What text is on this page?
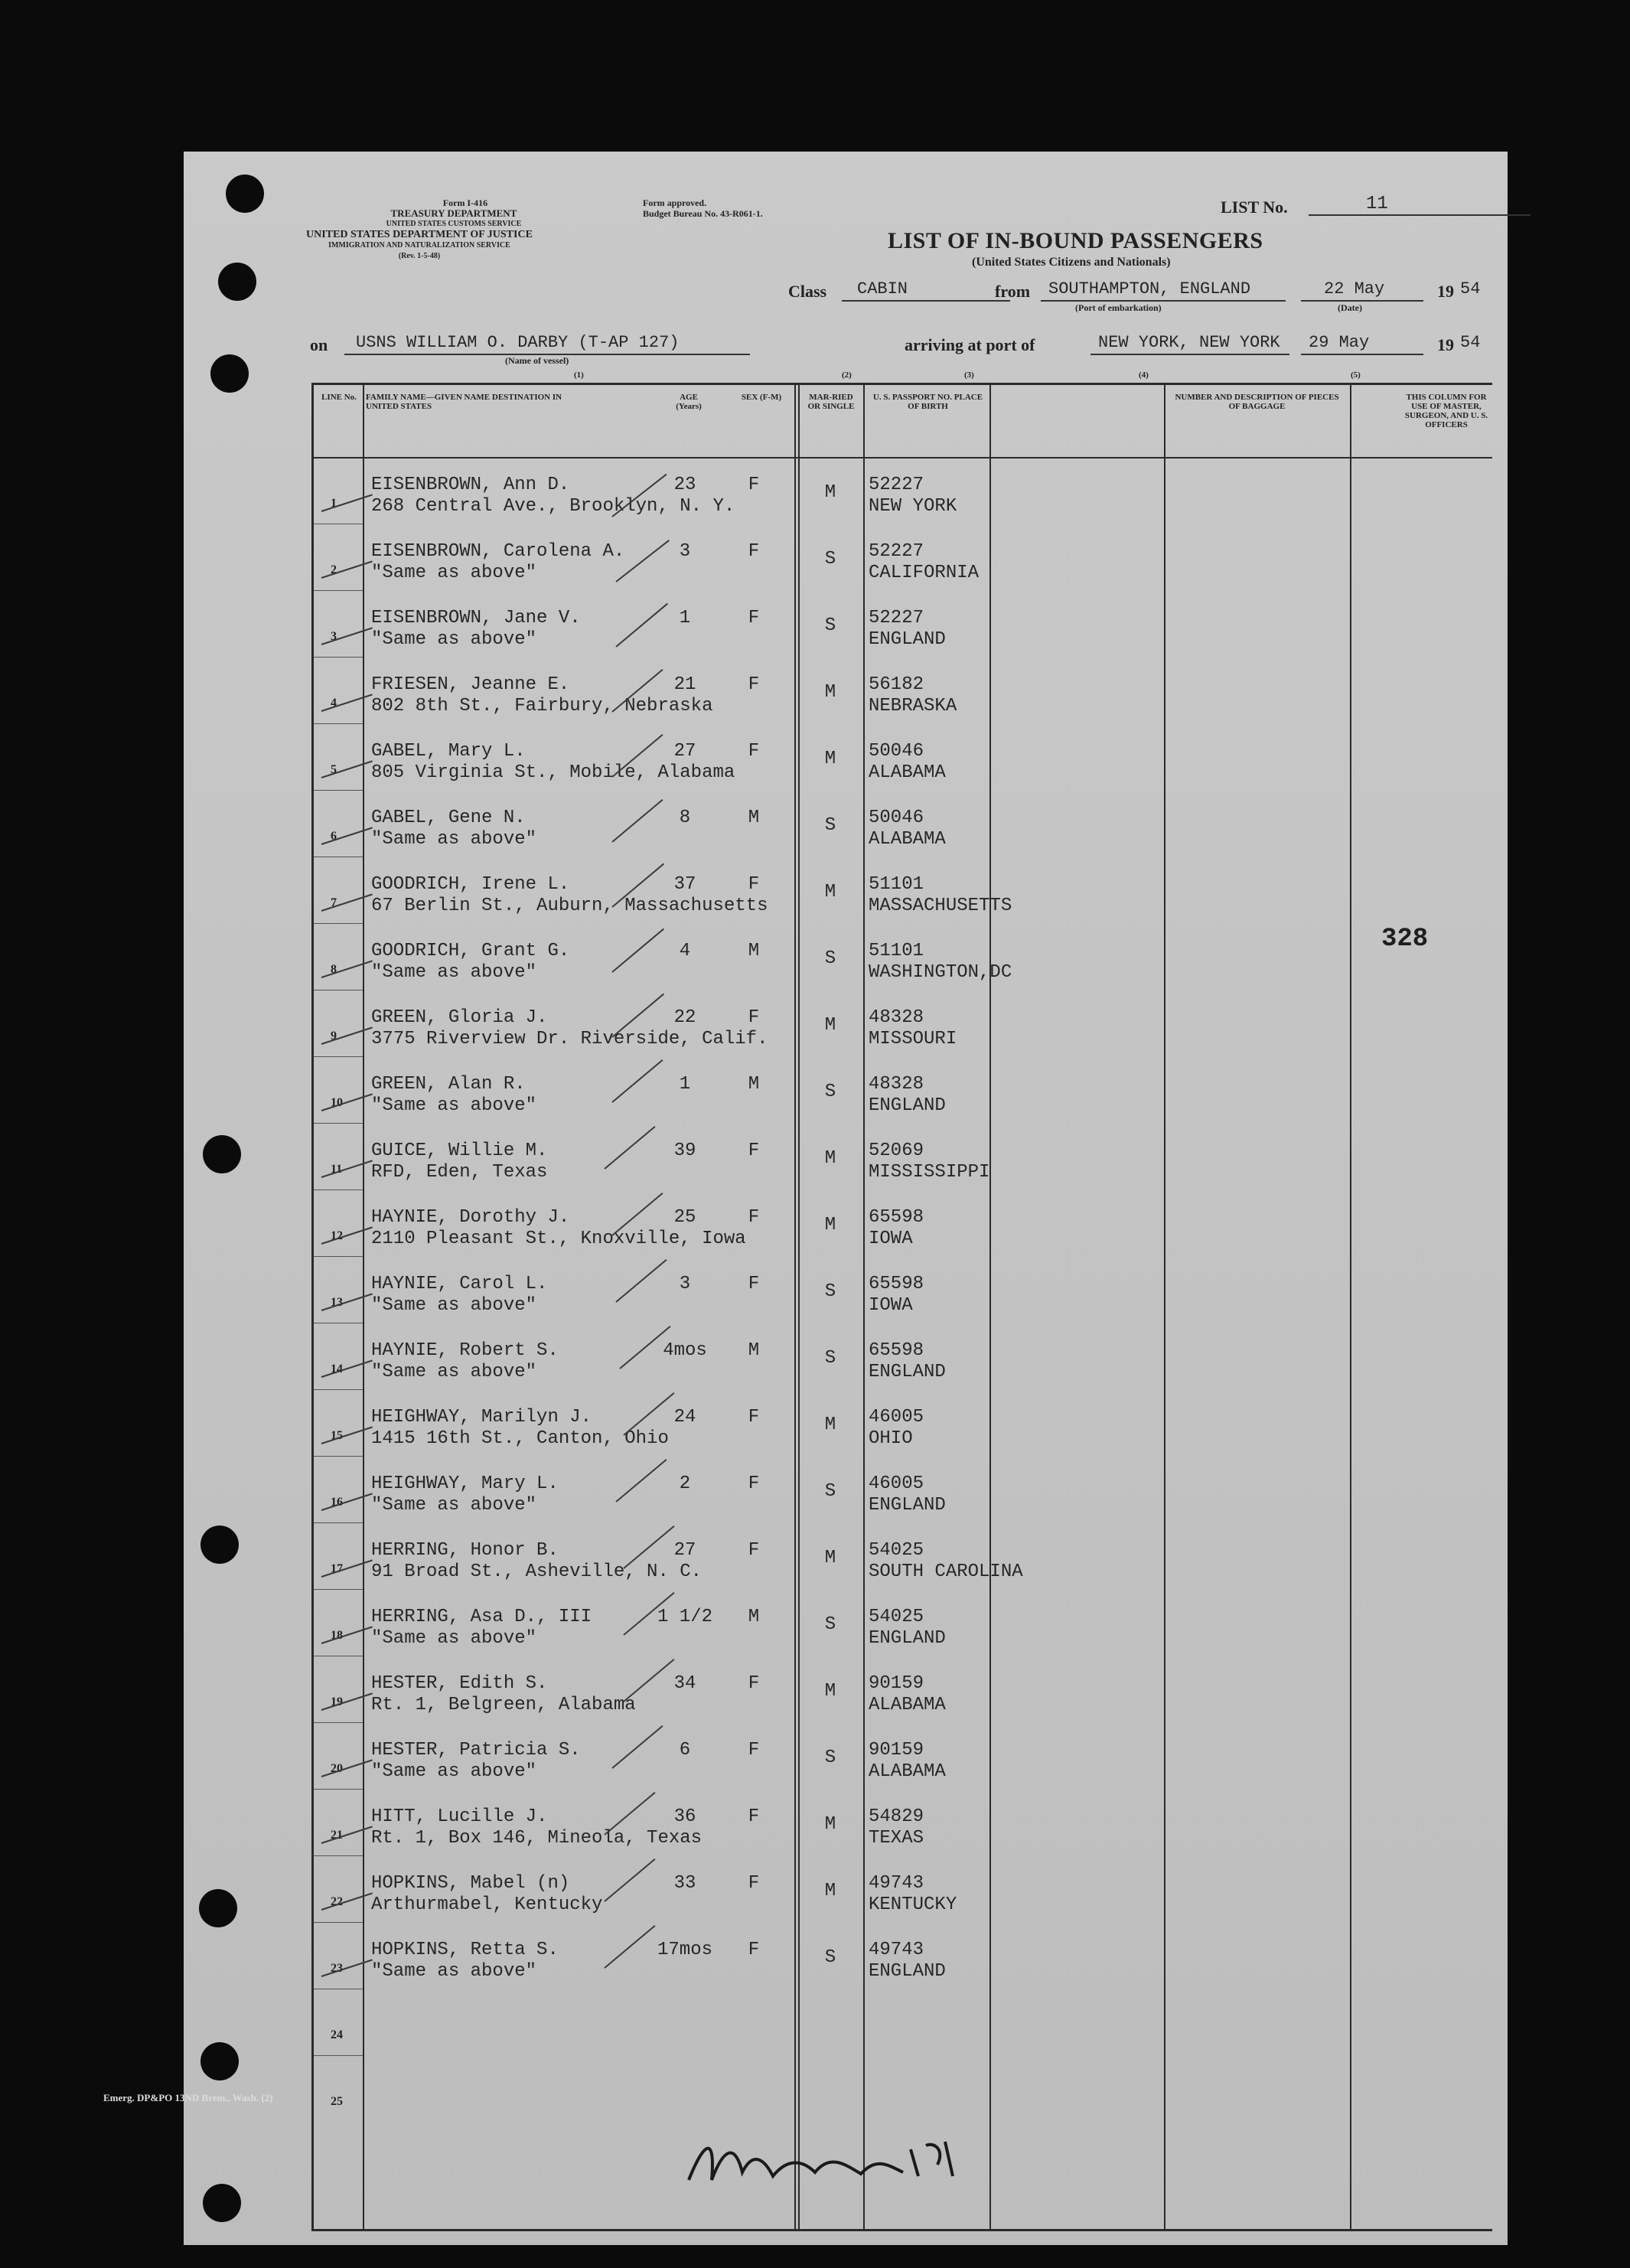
Form I-416
TREASURY DEPARTMENT
UNITED STATES CUSTOMS SERVICE
UNITED STATES DEPARTMENT OF JUSTICE
IMMIGRATION AND NATURALIZATION SERVICE
(Rev. 1-5-48)
Form approved.
Budget Bureau No. 43-R061-1.	LIST No.	11
LIST OF IN-BOUND PASSENGERS
(United States Citizens and Nationals)
Class CABIN	from SOUTHAMPTON, ENGLAND
(Port of embarkation)
22 May
(Date)
19 54
on USNS WILLIAM O. DARBY (T-AP 127)
(Name of vessel)
arriving at port of	NEW YORK, NEW YORK 29 May	19 54
(1)	(2)	(3)	(4)	(5)
LINE No.	FAMILY NAME—GIVEN NAME DESTINATION IN UNITED STATES
AGE (Years)
SEX (F-M)	MAR-RIED OR SINGLE
U. S. PASSPORT NO. PLACE OF BIRTH
NUMBER AND DESCRIPTION OF PIECES OF BAGGAGE
THIS COLUMN FOR USE OF MASTER, SURGEON, AND U. S. OFFICERS
1
EISENBROWN, Ann D.
268 Central Ave., Brooklyn, N. Y.
23	F	M	52227
NEW YORK
2
EISENBROWN, Carolena A.
"Same as above"
3	F	S	52227
CALIFORNIA
3
EISENBROWN, Jane V.
"Same as above"
1	F	S	52227
ENGLAND
4
FRIESEN, Jeanne E.
802 8th St., Fairbury, Nebraska
21	F	M	56182
NEBRASKA
5
GABEL, Mary L.
805 Virginia St., Mobile, Alabama
27	F	M	50046
ALABAMA
6
GABEL, Gene N.
"Same as above"
8	M	S	50046
ALABAMA
7
GOODRICH, Irene L.
67 Berlin St., Auburn, Massachusetts
37	F	M	51101
MASSACHUSETTS
8
GOODRICH, Grant G.
"Same as above"
4	M	S	51101
WASHINGTON,DC
9
GREEN, Gloria J.
3775 Riverview Dr. Riverside, Calif.
22	F	M	48328
MISSOURI
10
GREEN, Alan R.
"Same as above"
1	M	S	48328
ENGLAND
11
GUICE, Willie M.
RFD, Eden, Texas
39	F	M	52069
MISSISSIPPI
12
HAYNIE, Dorothy J.
2110 Pleasant St., Knoxville, Iowa
25	F	M	65598
IOWA
13
HAYNIE, Carol L.
"Same as above"
3	F	S	65598
IOWA
14
HAYNIE, Robert S.
"Same as above"
4mos	M	S	65598
ENGLAND
15
HEIGHWAY, Marilyn J.
1415 16th St., Canton, Ohio
24	F	M	46005
OHIO
16
HEIGHWAY, Mary L.
"Same as above"
2	F	S	46005
ENGLAND
17
HERRING, Honor B.
91 Broad St., Asheville, N. C.
27	F	M	54025
SOUTH CAROLINA
18
HERRING, Asa D., III
"Same as above"
1 1/2	M	S	54025
ENGLAND
19
HESTER, Edith S.
Rt. 1, Belgreen, Alabama
34	F	M	90159
ALABAMA
20
HESTER, Patricia S.
"Same as above"
6	F	S	90159
ALABAMA
21
HITT, Lucille J.
Rt. 1, Box 146, Mineola, Texas
36	F	M	54829
TEXAS
22
HOPKINS, Mabel (n)
Arthurmabel, Kentucky
33	F	M	49743
KENTUCKY
23
HOPKINS, Retta S.
"Same as above"
17mos	F	S	49743
ENGLAND
24
25
328
Emerg. DP&PO 13ND Brem., Wash. (2)
